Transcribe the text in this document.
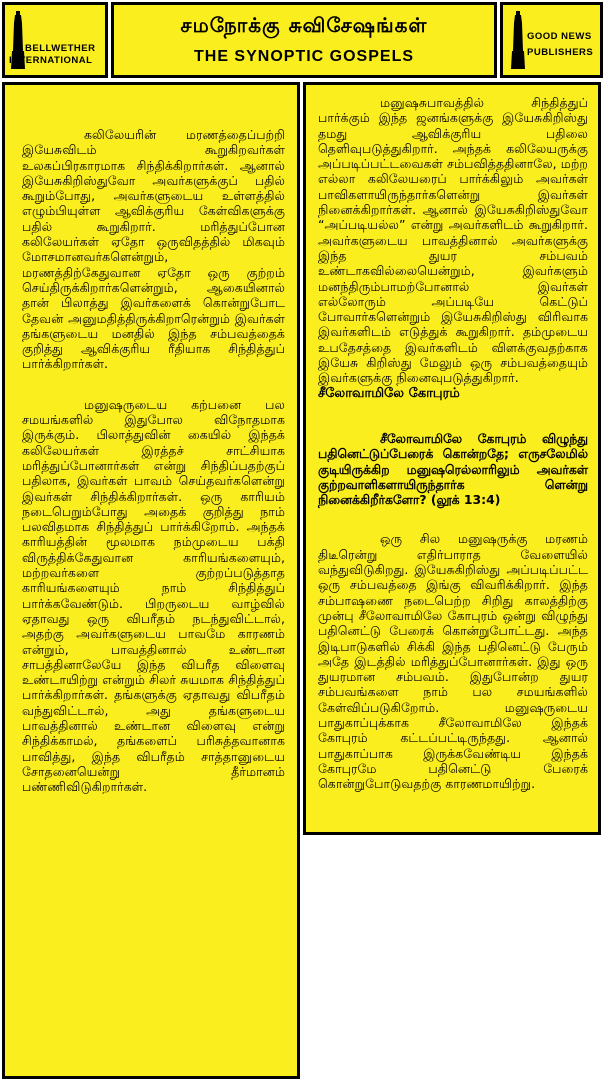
BELLWETHER
INTERNATIONAL
சமநோக்கு சுவிசேஷங்கள்
THE SYNOPTIC GOSPELS
GOOD NEWS
PUBLISHERS

கலிலேயரின் மரணத்தைப்பற்றி இயேசுவிடம் கூறுகிறவர்கள் உலகப்பிரகாரமாக சிந்திக்கிறார்கள். ஆனால் இயேசுகிறிஸ்துவோ அவர்களுக்குப் பதில் கூறும்போது, அவர்களுடைய உள்ளத்தில் எழும்பியுள்ள ஆவிக்குரிய கேள்விகளுக்கு பதில் கூறுகிறார். மரித்துப்போன கலிலேயர்கள் ஏதோ ஒருவிதத்தில் மிகவும் மோசமானவர்களென்றும், மரணத்திற்கேதுவான ஏதோ ஒரு குற்றம் செய்திருக்கிறார்களென்றும், ஆகையினால் தான் பிலாத்து இவர்களைக் கொன்றுபோட தேவன் அனுமதித்திருக்கிறாரென்றும் இவர்கள் தங்களுடைய மனதில் இந்த சம்பவத்தைக் குறித்து ஆவிக்குரிய ரீதியாக சிந்தித்துப் பார்க்கிறார்கள்.

மனுஷருடைய கற்பனை பல சமயங்களில் இதுபோல விநோதமாக இருக்கும். பிலாத்துவின் கையில் இந்தக் கலிலேயர்கள் இரத்தச் சாட்சியாக மரித்துப்போனார்கள் என்று சிந்திப்பதற்குப் பதிலாக, இவர்கள் பாவம் செய்தவர்களென்று இவர்கள் சிந்திக்கிறார்கள். ஒரு காரியம் நடைபெறும்போது அதைக் குறித்து நாம் பலவிதமாக சிந்தித்துப் பார்க்கிறோம். அந்தக் காரியத்தின் மூலமாக நம்முடைய பக்தி விருத்திக்கேதுவான காரியங்களையும், மற்றவர்களை குற்றப்படுத்தாத காரியங்களையும் நாம் சிந்தித்துப் பார்க்கவேண்டும். பிறருடைய வாழ்வில் ஏதாவது ஒரு விபரீதம் நடந்துவிட்டால், அதற்கு அவர்களுடைய பாவமே காரணம் என்றும், பாவத்தினால் உண்டான சாபத்தினாலேயே இந்த விபரீத விளைவு உண்டாயிற்று என்றும் சிலர் சுயமாக சிந்தித்துப் பார்க்கிறார்கள். தங்களுக்கு ஏதாவது விபரீதம் வந்துவிட்டால், அது தங்களுடைய பாவத்தினால் உண்டான விளைவு என்று சிந்திக்காமல், தங்களைப் பரிசுத்தவானாக பாவித்து, இந்த விபரீதம் சாத்தானுடைய சோதனையென்று தீர்மானம் பண்ணிவிடுகிறார்கள்.

மனுஷசுபாவத்தில் சிந்தித்துப் பார்க்கும் இந்த ஜனங்களுக்கு இயேசுகிறிஸ்து தமது ஆவிக்குரிய பதிலை தெளிவுபடுத்துகிறார். அந்தக் கலிலேயருக்கு அப்படிப்பட்டவைகள் சம்பவித்ததினாலே, மற்ற எல்லா கலிலேயரைப் பார்க்கிலும் அவர்கள் பாவிகளாயிருந்தார்களென்று இவர்கள் நினைக்கிறார்கள். ஆனால் இயேசுகிறிஸ்துவோ “அப்படியல்ல” என்று அவர்களிடம் கூறுகிறார். அவர்களுடைய பாவத்தினால் அவர்களுக்கு இந்த துயர சம்பவம் உண்டாகவில்லையென்றும், இவர்களும் மனந்திரும்பாமற்போனால் இவர்கள் எல்லோரும் அப்படியே கெட்டுப் போவார்களென்றும் இயேசுகிறிஸ்து விரிவாக இவர்களிடம் எடுத்துக் கூறுகிறார். தம்முடைய உபதேசத்தை இவர்களிடம் விளக்குவதற்காக இயேசு கிறிஸ்து மேலும் ஒரு சம்பவத்தையும் இவர்களுக்கு நினைவுபடுத்துகிறார்.

சீலோவாமிலே கோபுரம்

சீலோவாமிலே கோபுரம் விழுந்து பதினெட்டுப்பேரைக் கொன்றதே; எருசலேமில் குடியிருக்கிற மனுஷரெல்லாரிலும் அவர்கள் குற்றவாளிகளாயிருந்தார்க ளென்று நினைக்கிறீர்களோ? (லூக் 13:4)

ஒரு சில மனுஷருக்கு மரணம் திடீரென்று எதிர்பாராத வேளையில் வந்துவிடுகிறது. இயேசுகிறிஸ்து அப்படிப்பட்ட ஒரு சம்பவத்தை இங்கு விவரிக்கிறார். இந்த சம்பாஷணை நடைபெற்ற சிறிது காலத்திற்கு முன்பு சீலோவாமிலே கோபுரம் ஒன்று விழுந்து பதினெட்டு பேரைக் கொன்றுபோட்டது. அந்த இடிபாடுகளில் சிக்கி இந்த பதினெட்டு பேரும் அதே இடத்தில் மரித்துப்போனார்கள். இது ஒரு துயரமான சம்பவம். இதுபோன்ற துயர சம்பவங்களை நாம் பல சமயங்களில் கேள்விப்படுகிறோம். மனுஷருடைய பாதுகாப்புக்காக சீலோவாமிலே இந்தக் கோபுரம் கட்டப்பட்டிருந்தது. ஆனால் பாதுகாப்பாக இருக்கவேண்டிய இந்தக் கோபுரமே பதினெட்டு பேரைக் கொன்றுபோடுவதற்கு காரணமாயிற்று.
